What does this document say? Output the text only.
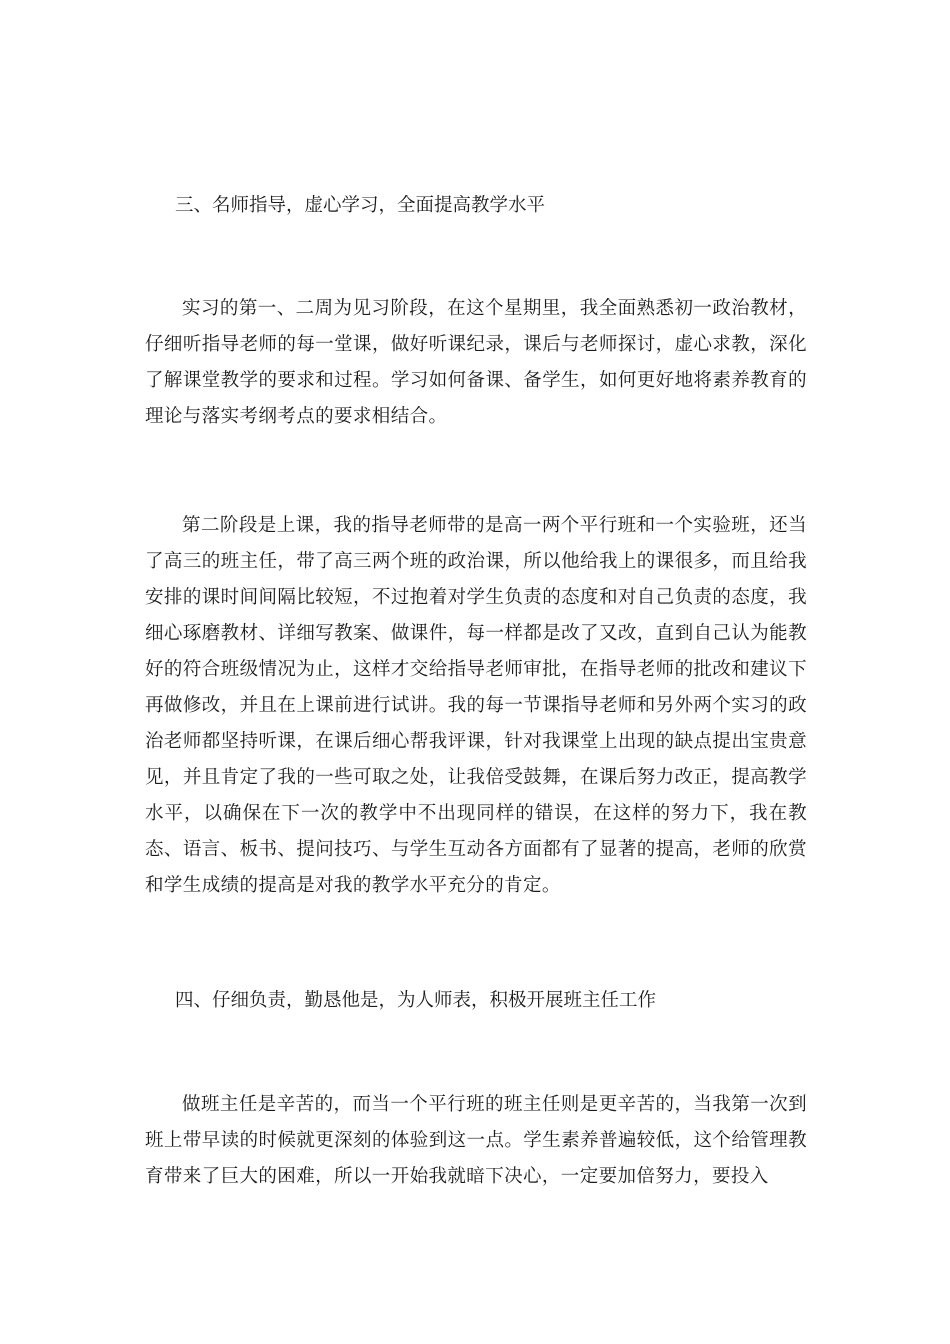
三、名师指导，虚心学习，全面提高教学水平

实习的第一、二周为见习阶段，在这个星期里，我全面熟悉初一政治教材，仔细听指导老师的每一堂课，做好听课纪录，课后与老师探讨，虚心求教，深化了解课堂教学的要求和过程。学习如何备课、备学生，如何更好地将素养教育的理论与落实考纲考点的要求相结合。

第二阶段是上课，我的指导老师带的是高一两个平行班和一个实验班，还当了高三的班主任，带了高三两个班的政治课，所以他给我上的课很多，而且给我安排的课时间间隔比较短，不过抱着对学生负责的态度和对自己负责的态度，我细心琢磨教材、详细写教案、做课件，每一样都是改了又改，直到自己认为能教好的符合班级情况为止，这样才交给指导老师审批，在指导老师的批改和建议下再做修改，并且在上课前进行试讲。我的每一节课指导老师和另外两个实习的政治老师都坚持听课，在课后细心帮我评课，针对我课堂上出现的缺点提出宝贵意见，并且肯定了我的一些可取之处，让我倍受鼓舞，在课后努力改正，提高教学水平，以确保在下一次的教学中不出现同样的错误，在这样的努力下，我在教态、语言、板书、提问技巧、与学生互动各方面都有了显著的提高，老师的欣赏和学生成绩的提高是对我的教学水平充分的肯定。

四、仔细负责，勤恳他是，为人师表，积极开展班主任工作

做班主任是辛苦的，而当一个平行班的班主任则是更辛苦的，当我第一次到班上带早读的时候就更深刻的体验到这一点。学生素养普遍较低，这个给管理教育带来了巨大的困难，所以一开始我就暗下决心，一定要加倍努力，要投入
